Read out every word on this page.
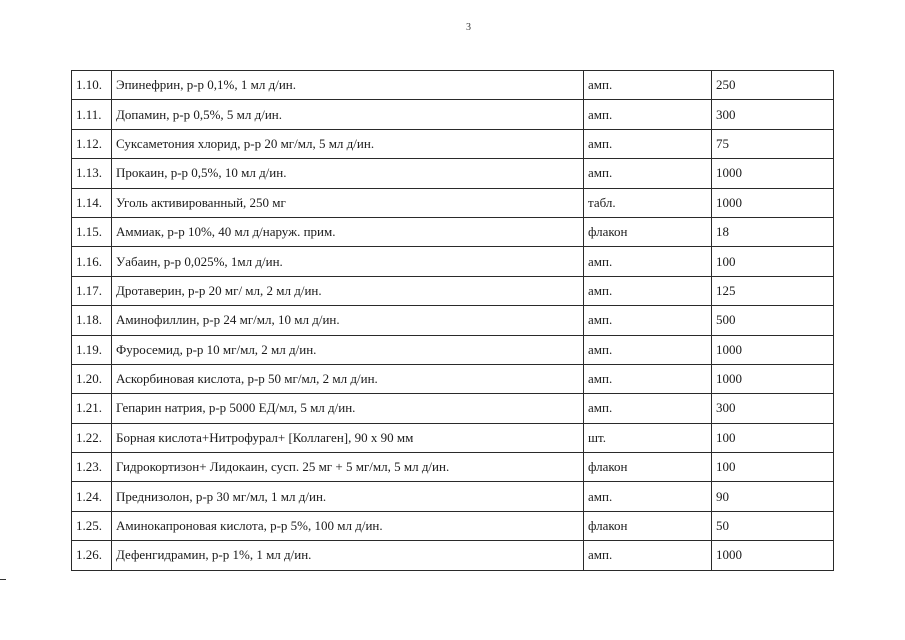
3
1.10.	Эпинефрин, р-р 0,1%, 1 мл д/ин.	амп.	250
1.11.	Допамин, р-р 0,5%, 5 мл д/ин.	амп.	300
1.12.	Суксаметония хлорид, р-р 20 мг/мл, 5 мл д/ин.	амп.	75
1.13.	Прокаин, р-р 0,5%, 10 мл д/ин.	амп.	1000
1.14.	Уголь активированный, 250 мг	табл.	1000
1.15.	Аммиак, р-р 10%, 40 мл д/наруж. прим.	флакон	18
1.16.	Уабаин, р-р 0,025%, 1мл д/ин.	амп.	100
1.17.	Дротаверин, р-р 20 мг/ мл, 2 мл д/ин.	амп.	125
1.18.	Аминофиллин, р-р 24 мг/мл, 10 мл д/ин.	амп.	500
1.19.	Фуросемид, р-р 10 мг/мл, 2 мл д/ин.	амп.	1000
1.20.	Аскорбиновая кислота, р-р 50 мг/мл, 2 мл д/ин.	амп.	1000
1.21.	Гепарин натрия, р-р 5000 ЕД/мл, 5 мл д/ин.	амп.	300
1.22.	Борная кислота+Нитрофурал+ [Коллаген], 90 х 90 мм	шт.	100
1.23.	Гидрокортизон+ Лидокаин, сусп. 25 мг + 5 мг/мл, 5 мл д/ин.	флакон	100
1.24.	Преднизолон, р-р 30 мг/мл, 1 мл д/ин.	амп.	90
1.25.	Аминокапроновая кислота, р-р 5%, 100 мл д/ин.	флакон	50
1.26.	Дефенгидрамин, р-р 1%, 1 мл д/ин.	амп.	1000
